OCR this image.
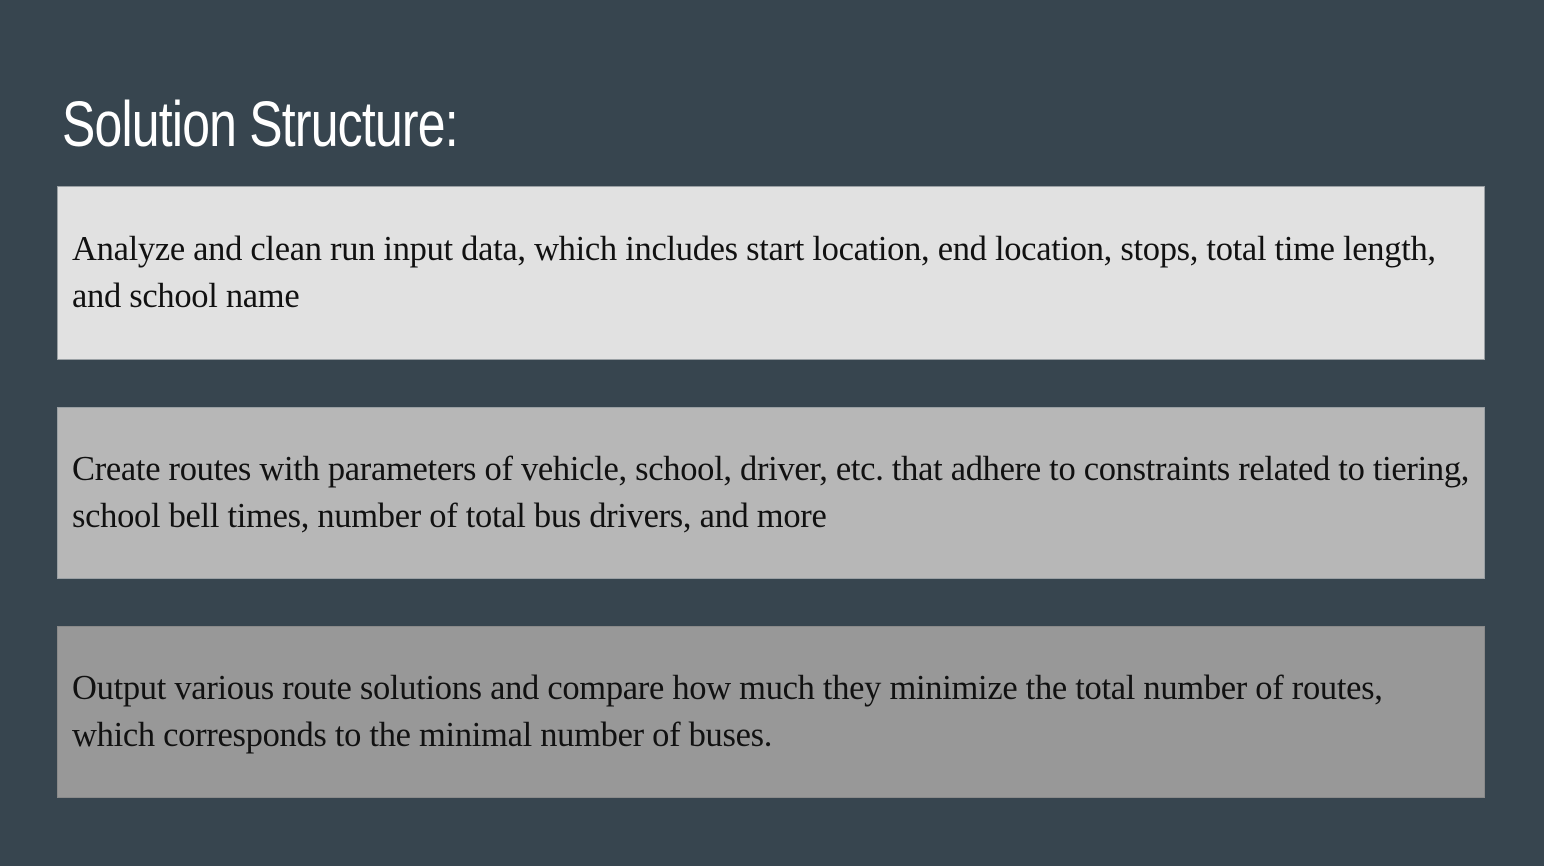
Solution Structure:

Analyze and clean run input data, which includes start location, end location, stops, total time length, and school name

Create routes with parameters of vehicle, school, driver, etc. that adhere to constraints related to tiering, school bell times, number of total bus drivers, and more

Output various route solutions and compare how much they minimize the total number of routes, which corresponds to the minimal number of buses.
